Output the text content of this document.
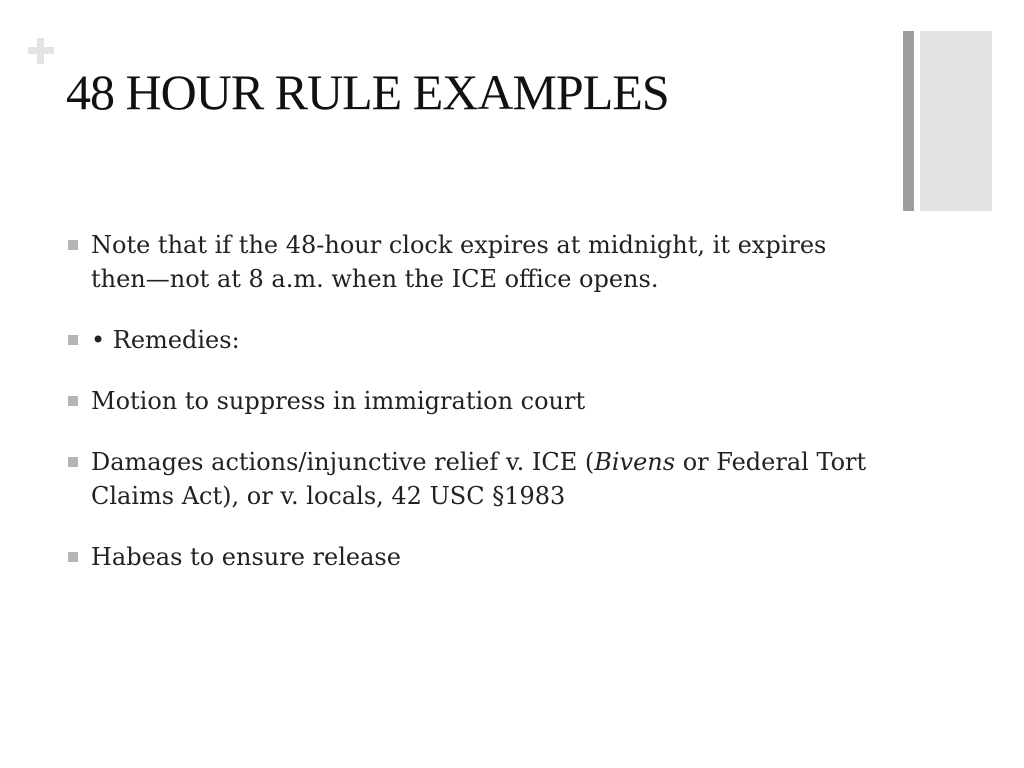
48 HOUR RULE EXAMPLES
Note that if the 48-hour clock expires at midnight, it expires then—not at 8 a.m. when the ICE office opens.
• Remedies:
Motion to suppress in immigration court
Damages actions/injunctive relief v. ICE (Bivens or Federal Tort Claims Act), or v. locals, 42 USC §1983
Habeas to ensure release
